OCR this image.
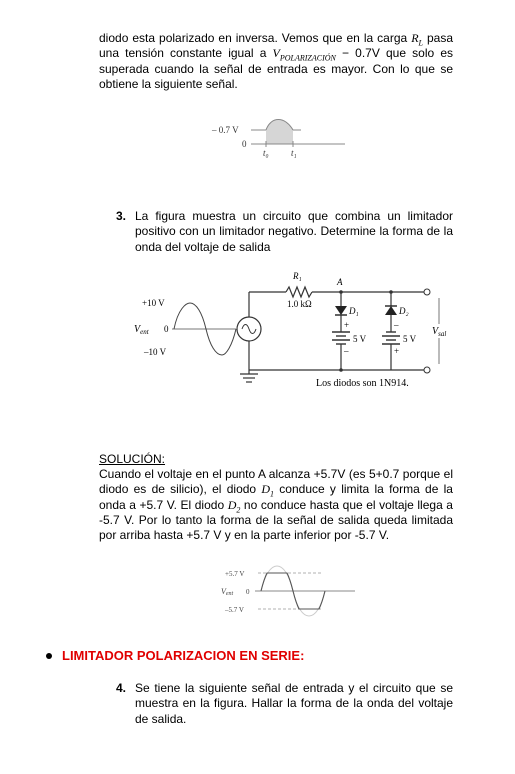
diodo esta polarizado en inversa. Vemos que en la carga $R_L$ pasa una tensión constante igual a $V_{POLARIZACIÓN} - 0.7V$ que solo es superada cuando la señal de entrada es mayor. Con lo que se obtiene la siguiente señal.

– 0.7 V
0
t₀ t₁
3. La figura muestra un circuito que combina un limitador positivo con un limitador negativo. Determine la forma de la onda del voltaje de salida

+10 V
0
–10 V
$V_{ent}$
R₁
1.0 kΩ
A
D₁
+
–
5 V
D₂
–
+
5 V
$V_{sal}$
Los diodos son 1N914.
SOLUCIÓN:

Cuando el voltaje en el punto A alcanza +5.7V (es 5+0.7 porque el diodo es de silicio), el diodo $D_1$ conduce y limita la forma de la onda a +5.7 V. El diodo $D_2$ no conduce hasta que el voltaje llega a -5.7 V. Por lo tanto la forma de la señal de salida queda limitada por arriba hasta +5.7 V y en la parte inferior por -5.7 V.

+5.7 V
0
–5.7 V
Vent
LIMITADOR POLARIZACION EN SERIE:
4. Se tiene la siguiente señal de entrada y el circuito que se muestra en la figura. Hallar la forma de la onda del voltaje de salida.
